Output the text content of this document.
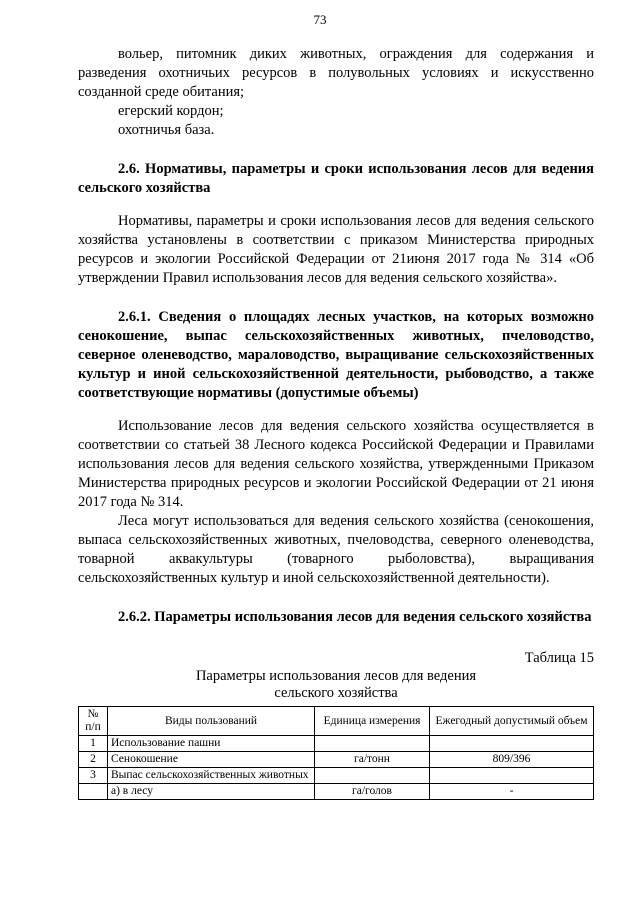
73

вольер, питомник диких животных, ограждения для содержания и разведения охотничьих ресурсов в полувольных условиях и искусственно созданной среде обитания;

егерский кордон;

охотничья база.

2.6. Нормативы, параметры и сроки использования лесов для ведения сельского хозяйства

Нормативы, параметры и сроки использования лесов для ведения сельского хозяйства установлены в соответствии с приказом Министерства природных ресурсов и экологии Российской Федерации от 21июня 2017 года № 314 «Об утверждении Правил использования лесов для ведения сельского хозяйства».

2.6.1. Сведения о площадях лесных участков, на которых возможно сенокошение, выпас сельскохозяйственных животных, пчеловодство, северное оленеводство, мараловодство, выращивание сельскохозяйственных культур и иной сельскохозяйственной деятельности, рыбоводство, а также соответствующие нормативы (допустимые объемы)

Использование лесов для ведения сельского хозяйства осуществляется в соответствии со статьей 38 Лесного кодекса Российской Федерации и Правилами использования лесов для ведения сельского хозяйства, утвержденными Приказом Министерства природных ресурсов и экологии Российской Федерации от 21 июня 2017 года № 314.

Леса могут использоваться для ведения сельского хозяйства (сенокошения, выпаса сельскохозяйственных животных, пчеловодства, северного оленеводства, товарной аквакультуры (товарного рыболовства), выращивания сельскохозяйственных культур и иной сельскохозяйственной деятельности).

2.6.2. Параметры использования лесов для ведения сельского хозяйства

Таблица 15
Параметры использования лесов для ведения сельского хозяйства
№ п/п	Виды пользований	Единица измерения	Ежегодный допустимый объем
1	Использование пашни		
2	Сенокошение	га/тонн	809/396
3	Выпас сельскохозяйственных животных		
	а) в лесу	га/голов	-
